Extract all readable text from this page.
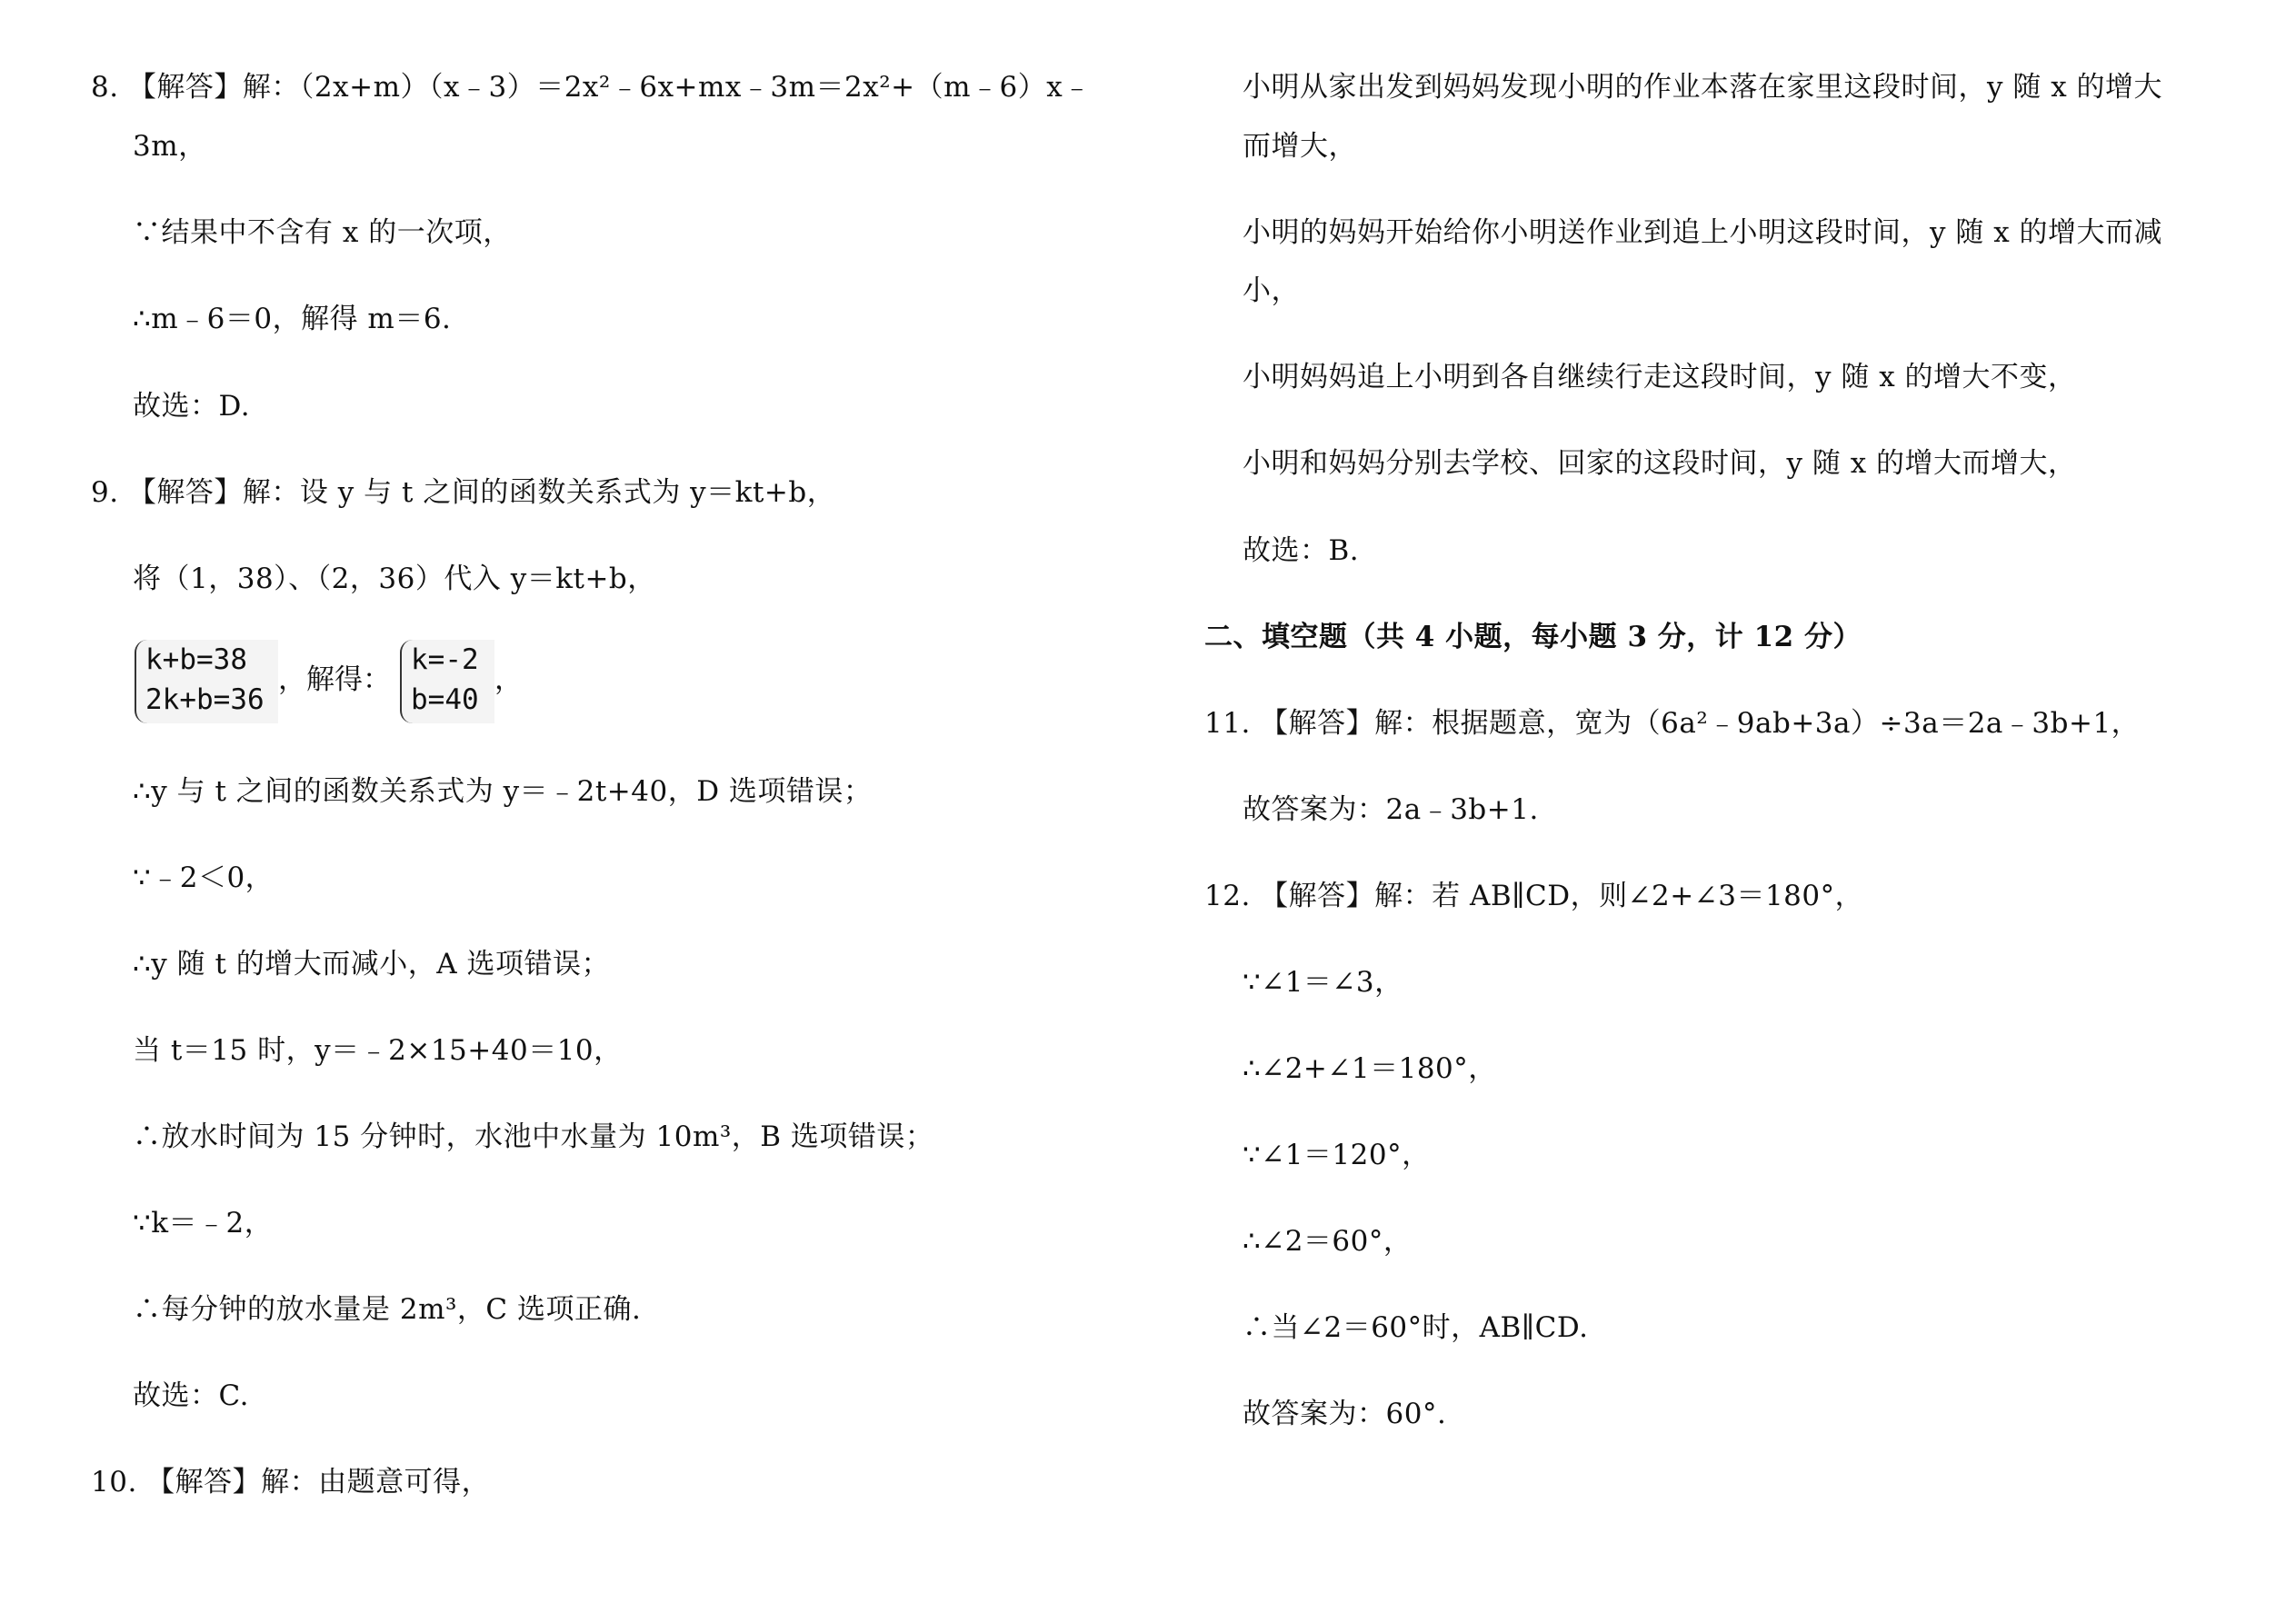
8. 【解答】解：（2x+m）（x﹣3）＝2x²﹣6x+mx﹣3m＝2x²+（m﹣6）x﹣
3m，
∵结果中不含有 x 的一次项，
∴m﹣6＝0，解得 m＝6.
故选：D.
9. 【解答】解：设 y 与 t 之间的函数关系式为 y＝kt+b，
将（1，38）、（2，36）代入 y＝kt+b，
k+b=38
2k+b=36
，解得：
k=-2
b=40
，
∴y 与 t 之间的函数关系式为 y＝﹣2t+40，D 选项错误；
∵﹣2＜0，
∴y 随 t 的增大而减小，A 选项错误；
当 t＝15 时，y＝﹣2×15+40＝10，
∴放水时间为 15 分钟时，水池中水量为 10m³，B 选项错误；
∵k＝﹣2，
∴每分钟的放水量是 2m³，C 选项正确.
故选：C.
10. 【解答】解：由题意可得，
小明从家出发到妈妈发现小明的作业本落在家里这段时间，y 随 x 的增大
而增大，
小明的妈妈开始给你小明送作业到追上小明这段时间，y 随 x 的增大而减
小，
小明妈妈追上小明到各自继续行走这段时间，y 随 x 的增大不变，
小明和妈妈分别去学校、回家的这段时间，y 随 x 的增大而增大，
故选：B.
二、填空题（共 4 小题，每小题 3 分，计 12 分）
11. 【解答】解：根据题意，宽为（6a²﹣9ab+3a）÷3a＝2a﹣3b+1，
故答案为：2a﹣3b+1.
12. 【解答】解：若 AB∥CD，则∠2+∠3＝180°，
∵∠1＝∠3，
∴∠2+∠1＝180°，
∵∠1＝120°，
∴∠2＝60°，
∴当∠2＝60°时，AB∥CD.
故答案为：60°.
